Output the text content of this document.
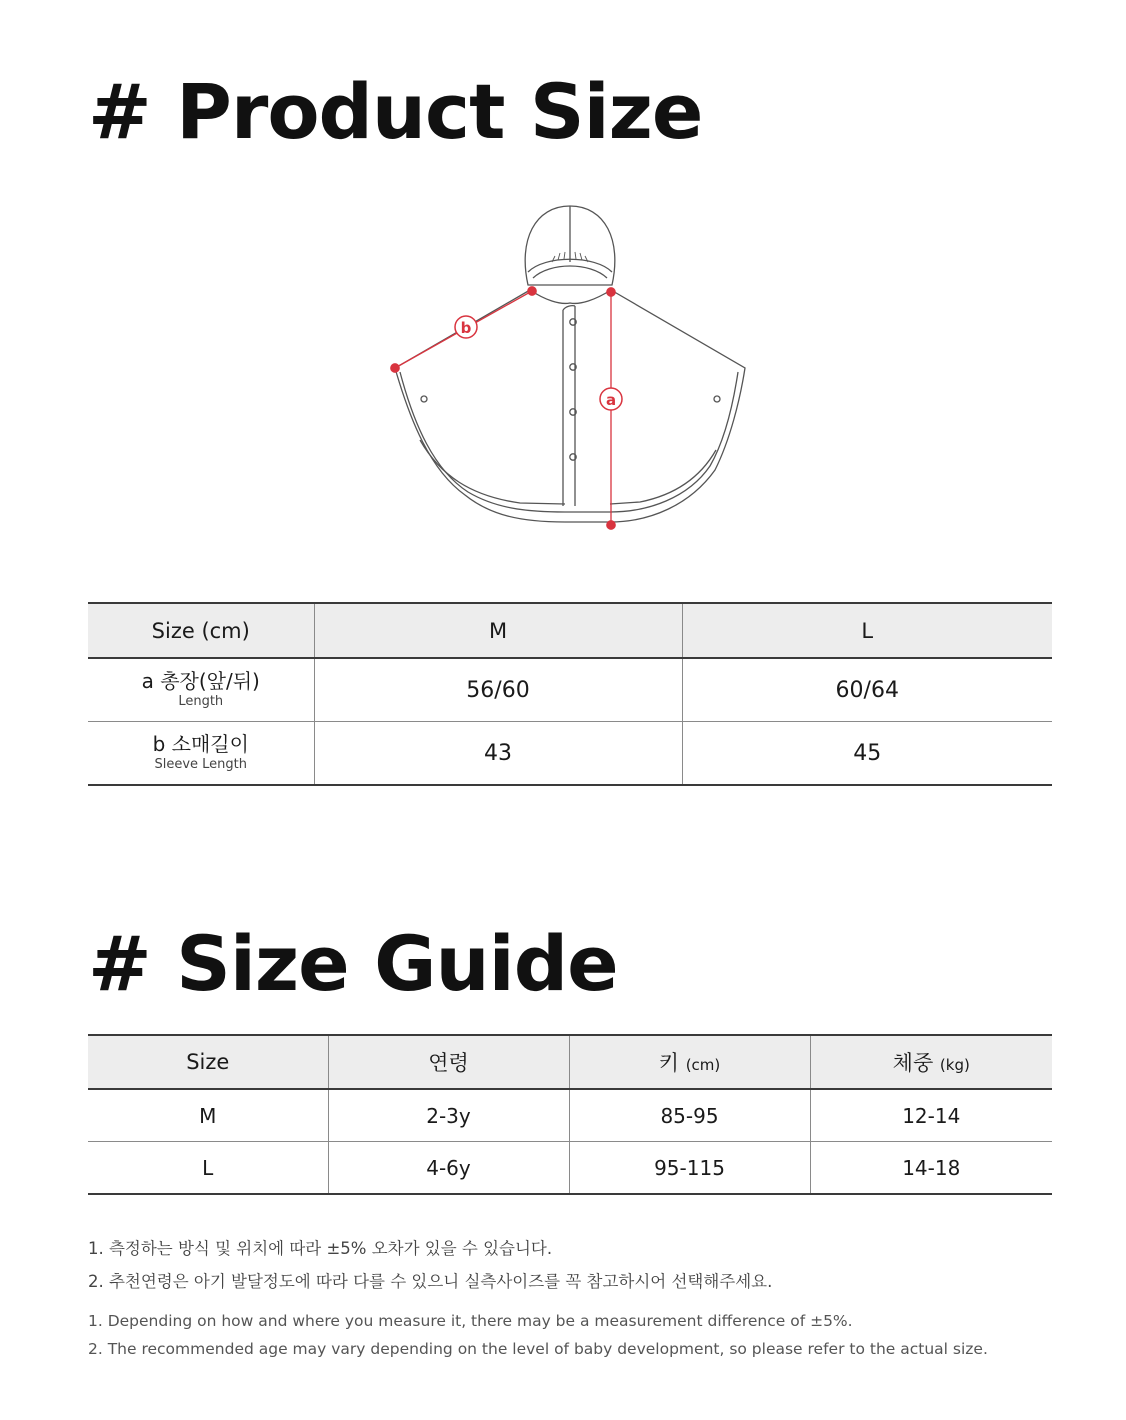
# Product Size
b
a
Size (cm)	M	L

a 총장(앞/뒤)
Length	56/60	60/64

b 소매길이
Sleeve Length	43	45
# Size Guide
Size	연령	키 (cm)	체중 (kg)
M	2-3y	85-95	12-14
L	4-6y	95-115	14-18

1. 측정하는 방식 및 위치에 따라 ±5% 오차가 있을 수 있습니다.

2. 추천연령은 아기 발달정도에 따라 다를 수 있으니 실측사이즈를 꼭 참고하시어 선택해주세요.

1. Depending on how and where you measure it, there may be a measurement difference of ±5%.

2. The recommended age may vary depending on the level of baby development, so please refer to the actual size.
